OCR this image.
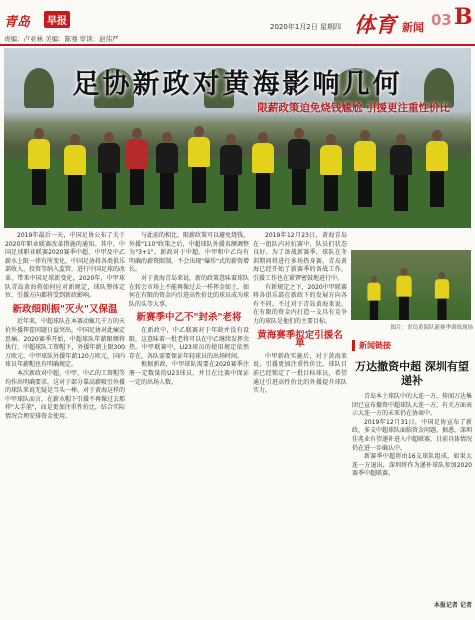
青岛	早报	2020年1月2日 星期四 体育 新闻 03 B
责编：卢亚林 美编：陈骞 审读：赵伟严
足协新政对黄海影响几何
限薪政策迫免烧钱尴尬 引援更注重性价比

2019年最后一天，中国足协公布了关于2020年职业联赛改革措施的通知。其中，中国足球职业联赛2020赛季中超、中甲及中乙薪水上限一律有所变化，中国足协将各类俱乐部收入、投资等纳入监管，进行中国足球的改革，带来中国足球新变化。2020年，中甲球队青岛黄海将如何应对新规定，球队整体定位、引援方向都将受到新政影响。

新政细则振"灭火"又保温

近年来，中超球队在本赛动辄几千万的天价外援挥霍问题日益突出，中国足协对此痛定思痛。2020赛季开始，中超球队年薪限额将执行，中超球队工资帽下，外援年薪上限300万欧元，中甲球队外援年薪120万欧元，国内球员年薪帽也有明确规定。

本次新政对中超、中甲、中乙的工资帽等均作出明确要求，这对于部分靠高薪吸引外援的球队来说无疑是当头一棒。对于黄海这样的中甲球队而言，在薪水帽下引援不再像过去那样"大手笔"，而是更加注重性价比，结合实际情况合理安排资金使用。

与此前的相比，限薪政策可以避免烧钱，外援"110"政策之后，中超球队外援名额调整为"3+1"。新政对于中超、中甲和中乙均有明确的薪资限制，不会出现"爆炸"式的薪资增长。

对于黄海青岛来说，新的政策意味着球队在转会市场上不能再像过去一样挥金如土，如何在有限的资金内引进高性价比的球员成为球队的头等大事。

新赛季中乙不"封杀"老将

在新政中，中乙联赛对于年龄并没有设限，这意味着一批老将可以在中乙继续发挥余热。中甲联赛中，U23球员的使用规定依然存在，各队需要保证年轻球员的出场时间。

根据新政，中甲球队需要在2020赛季注册一定数量的U23球员，并且在比赛中保证一定的出场人数。

2019年12月23日，黄海青岛在一组队内对抗赛中，队员们状态良好。为了备战新赛季，球队在冬训期间将进行多场热身赛。青岛黄海已经开始了新赛季的备战工作，引援工作也在紧锣密鼓地进行中。

有新规定之下，2020中甲联赛将各俱乐部在新政下的发展方向各有不同。不过对于青岛黄海来说，在有限的资金内打造一支具有竞争力的球队是他们的主要目标。

黄海赛季拟定引援名单

中甲新政实施后，对于黄海来说，引援更加注重性价比。球队目前已经锁定了一批目标球员，希望通过引进高性价比的外援提升球队实力。

图片：青岛黄海队新赛季训练现场
新闻链接
万达撤资中超 深圳有望递补

青岛本土球队中的大连一方，传闻万达集团已宣布撤资中超球队大连一方，有关方面表示大连一方的未来仍在协商中。

2019年12月31日，中国足协宣布了新政，多支中超球队面临资金问题。据悉，深圳佳兆业有望递补进入中超联赛，目前具体情况仍在进一步确认中。

新赛季中超将由16支球队组成，如果大连一方退出，深圳将作为递补球队参加2020赛季中超联赛。

本报记者 记者
